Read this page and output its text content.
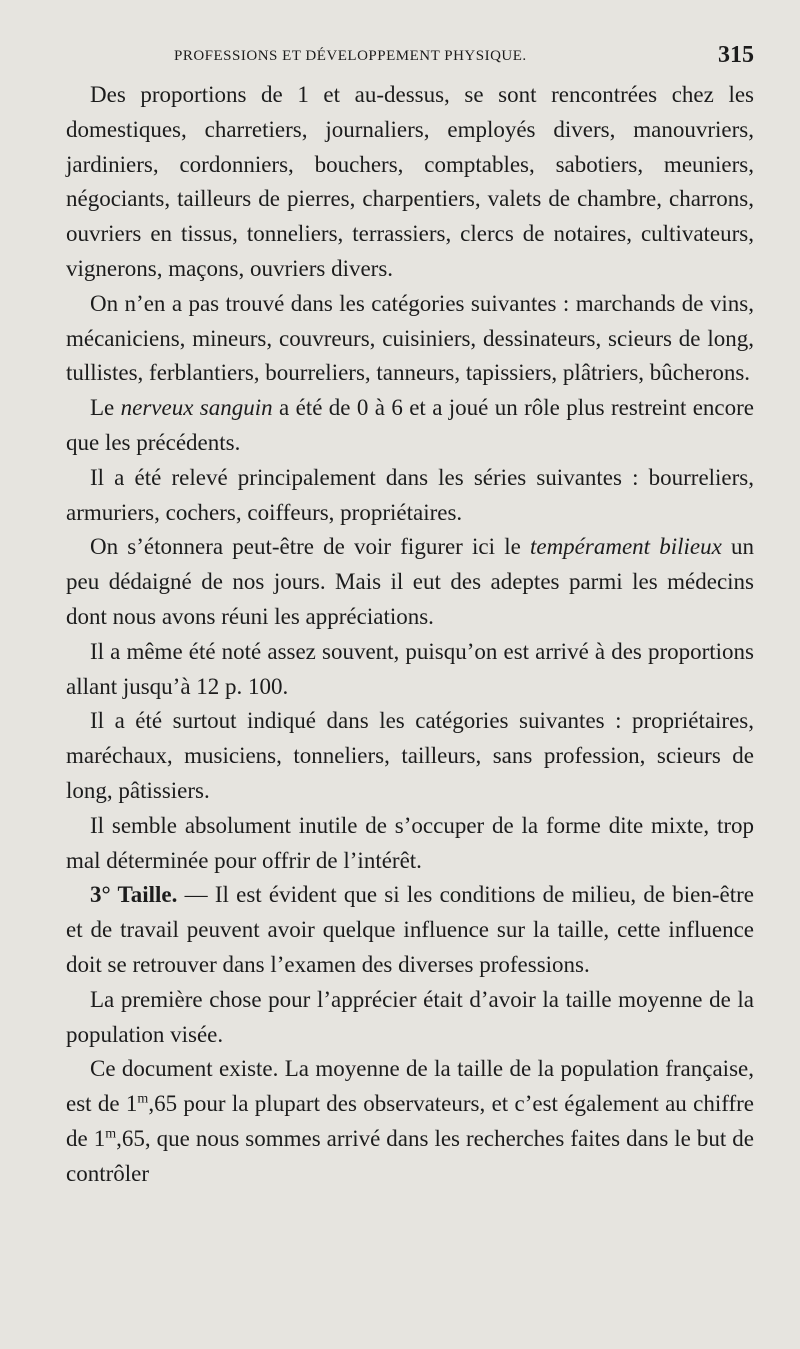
PROFESSIONS ET DÉVELOPPEMENT PHYSIQUE.	315

Des proportions de 1 et au-dessus, se sont rencontrées chez les domestiques, charretiers, journaliers, employés divers, manouvriers, jardiniers, cordonniers, bouchers, comptables, sabotiers, meuniers, négociants, tailleurs de pierres, charpentiers, valets de chambre, charrons, ouvriers en tissus, tonneliers, terrassiers, clercs de notaires, cultivateurs, vignerons, maçons, ouvriers divers.

On n’en a pas trouvé dans les catégories suivantes : marchands de vins, mécaniciens, mineurs, couvreurs, cuisiniers, dessinateurs, scieurs de long, tullistes, ferblantiers, bourreliers, tanneurs, tapissiers, plâtriers, bûcherons.

Le nerveux sanguin a été de 0 à 6 et a joué un rôle plus restreint encore que les précédents.

Il a été relevé principalement dans les séries suivantes : bourreliers, armuriers, cochers, coiffeurs, propriétaires.

On s’étonnera peut-être de voir figurer ici le tempérament bilieux un peu dédaigné de nos jours. Mais il eut des adeptes parmi les médecins dont nous avons réuni les appréciations.

Il a même été noté assez souvent, puisqu’on est arrivé à des proportions allant jusqu’à 12 p. 100.

Il a été surtout indiqué dans les catégories suivantes : propriétaires, maréchaux, musiciens, tonneliers, tailleurs, sans profession, scieurs de long, pâtissiers.

Il semble absolument inutile de s’occuper de la forme dite mixte, trop mal déterminée pour offrir de l’intérêt.

3° Taille. — Il est évident que si les conditions de milieu, de bien-être et de travail peuvent avoir quelque influence sur la taille, cette influence doit se retrouver dans l’examen des diverses professions.

La première chose pour l’apprécier était d’avoir la taille moyenne de la population visée.

Ce document existe. La moyenne de la taille de la population française, est de 1$^m$,65 pour la plupart des observateurs, et c’est également au chiffre de 1$^m$,65, que nous sommes arrivé dans les recherches faites dans le but de contrôler
